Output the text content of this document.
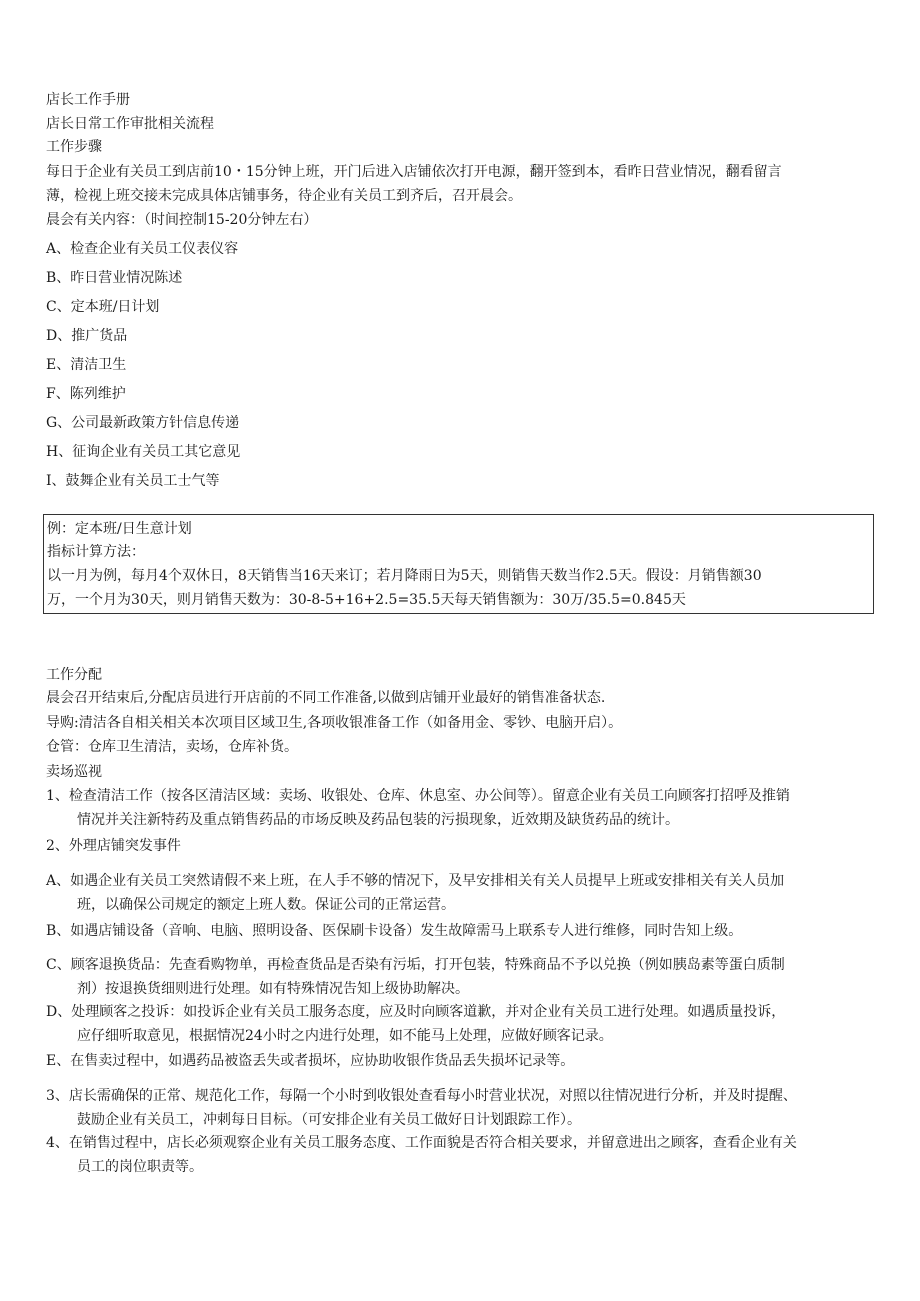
店长工作手册
店长日常工作审批相关流程
工作步骤
每日于企业有关员工到店前10・15分钟上班，开门后进入店铺依次打开电源，翻开签到本，看昨日营业情况，翻看留言
薄，检视上班交接未完成具体店铺事务，待企业有关员工到齐后，召开晨会。
晨会有关内容：（时间控制15-20分钟左右）
A、检查企业有关员工仪表仪容
B、昨日营业情况陈述
C、定本班/日计划
D、推广货品
E、清洁卫生
F、陈列维护
G、公司最新政策方针信息传递
H、征询企业有关员工其它意见
I、鼓舞企业有关员工士气等
例：定本班/日生意计划
指标计算方法：
以一月为例，每月4个双休日，8天销售当16天来订；若月降雨日为5天，则销售天数当作2.5天。假设：月销售额30
万，一个月为30天，则月销售天数为：30-8-5+16+2.5=35.5天每天销售额为：30万/35.5=0.845天
工作分配
晨会召开结束后,分配店员进行开店前的不同工作准备,以做到店铺开业最好的销售准备状态.
导购:清洁各自相关相关本次项目区域卫生,各项收银准备工作（如备用金、零钞、电脑开启）。
仓管：仓库卫生清洁，卖场，仓库补货。
卖场巡视
1、检查清洁工作（按各区清洁区域：卖场、收银处、仓库、休息室、办公间等）。留意企业有关员工向顾客打招呼及推销
情况并关注新特药及重点销售药品的市场反映及药品包装的污损现象，近效期及缺货药品的统计。
2、外理店铺突发事件
A、如遇企业有关员工突然请假不来上班，在人手不够的情况下，及早安排相关有关人员提早上班或安排相关有关人员加
班，以确保公司规定的额定上班人数。保证公司的正常运营。
B、如遇店铺设备（音响、电脑、照明设备、医保刷卡设备）发生故障需马上联系专人进行维修，同时告知上级。
C、顾客退换货品：先查看购物单，再检查货品是否染有污垢，打开包装，特殊商品不予以兑换（例如胰岛素等蛋白质制
剂）按退换货细则进行处理。如有特殊情况告知上级协助解决。
D、处理顾客之投诉：如投诉企业有关员工服务态度，应及时向顾客道歉，并对企业有关员工进行处理。如遇质量投诉，
应仔细听取意见，根据情况24小时之内进行处理，如不能马上处理，应做好顾客记录。
E、在售卖过程中，如遇药品被盗丢失或者损坏，应协助收银作货品丢失损坏记录等。
3、店长需确保的正常、规范化工作，每隔一个小时到收银处查看每小时营业状况，对照以往情况进行分析，并及时提醒、
鼓励企业有关员工，冲刺每日目标。（可安排企业有关员工做好日计划跟踪工作）。
4、在销售过程中，店长必须观察企业有关员工服务态度、工作面貌是否符合相关要求，并留意进出之顾客，查看企业有关
员工的岗位职责等。
